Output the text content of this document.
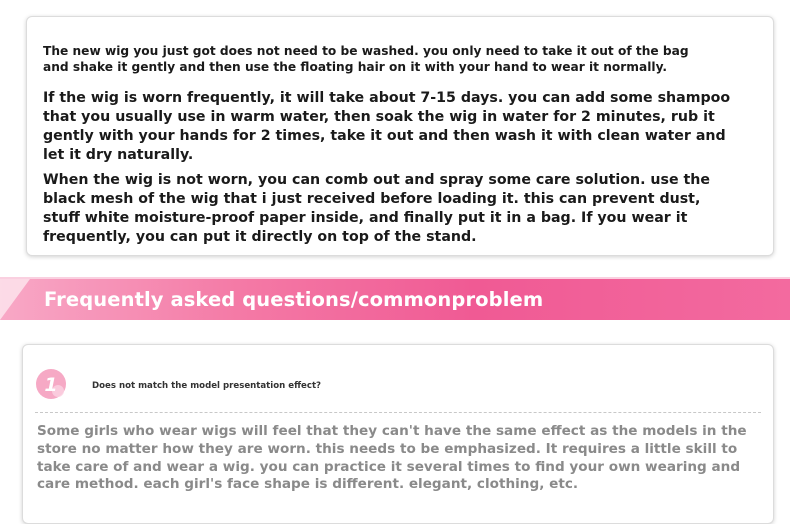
The new wig you just got does not need to be washed. you only need to take it out of the bag
and shake it gently and then use the floating hair on it with your hand to wear it normally.
If the wig is worn frequently, it will take about 7-15 days. you can add some shampoo
that you usually use in warm water, then soak the wig in water for 2 minutes, rub it
gently with your hands for 2 times, take it out and then wash it with clean water and
let it dry naturally.
When the wig is not worn, you can comb out and spray some care solution. use the
black mesh of the wig that i just received before loading it. this can prevent dust,
stuff white moisture-proof paper inside, and finally put it in a bag. If you wear it
frequently, you can put it directly on top of the stand.
Frequently asked questions/commonproblem
1	Does not match the model presentation effect?
Some girls who wear wigs will feel that they can't have the same effect as the models in the
store no matter how they are worn. this needs to be emphasized. It requires a little skill to
take care of and wear a wig. you can practice it several times to find your own wearing and
care method. each girl's face shape is different. elegant, clothing, etc.
